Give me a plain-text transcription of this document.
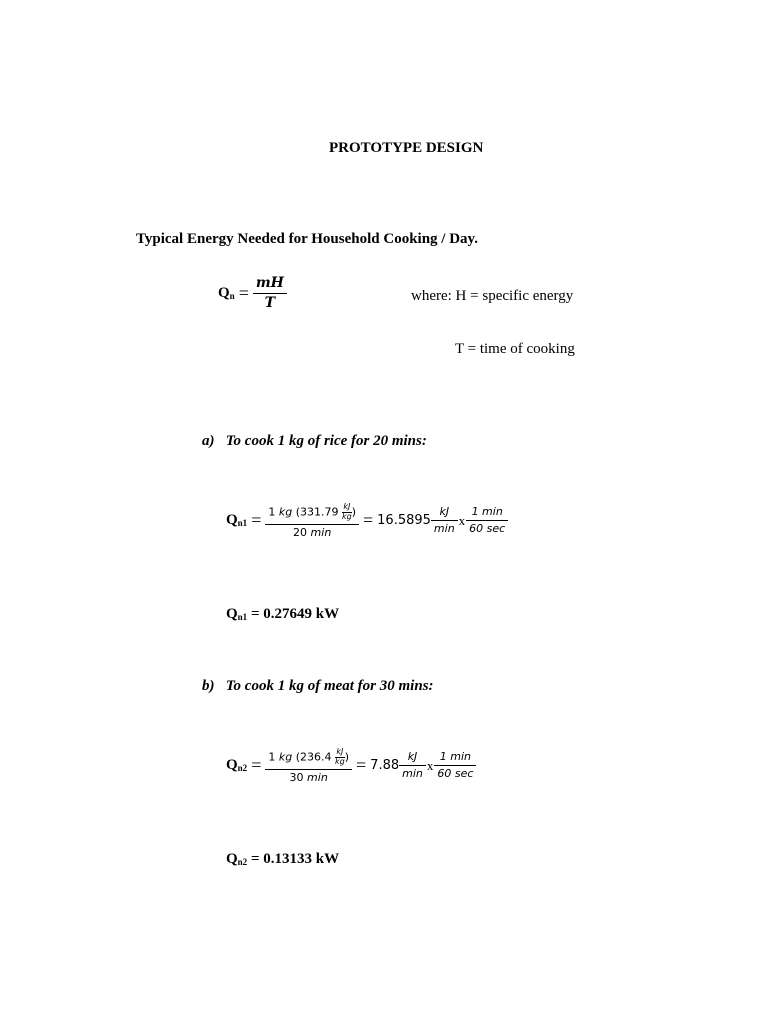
PROTOTYPE DESIGN
Typical Energy Needed for Household Cooking / Day.
$Q_n = \frac{mH}{T}$	where: H = specific energy
T = time of cooking
a) To cook 1 kg of rice for 20 mins:
$Q_{n1} = 1$ kg ($331.79 \frac{kJ}{kg}$ )
20 min
= $16.5895 \frac{kJ}{\min}$ x $\frac{1 \min}{60 \sec}$
$Q_{n1} = 0.27649$ kW
b) To cook 1 kg of meat for 30 mins:
$Q_{n2} = 1$ kg ($236.4 \frac{kJ}{kg}$ )
30 min
= $7.88 \frac{kJ}{\min}$ x $\frac{1 \min}{60 \sec}$
$Q_{n2} = 0.13133$ kW
